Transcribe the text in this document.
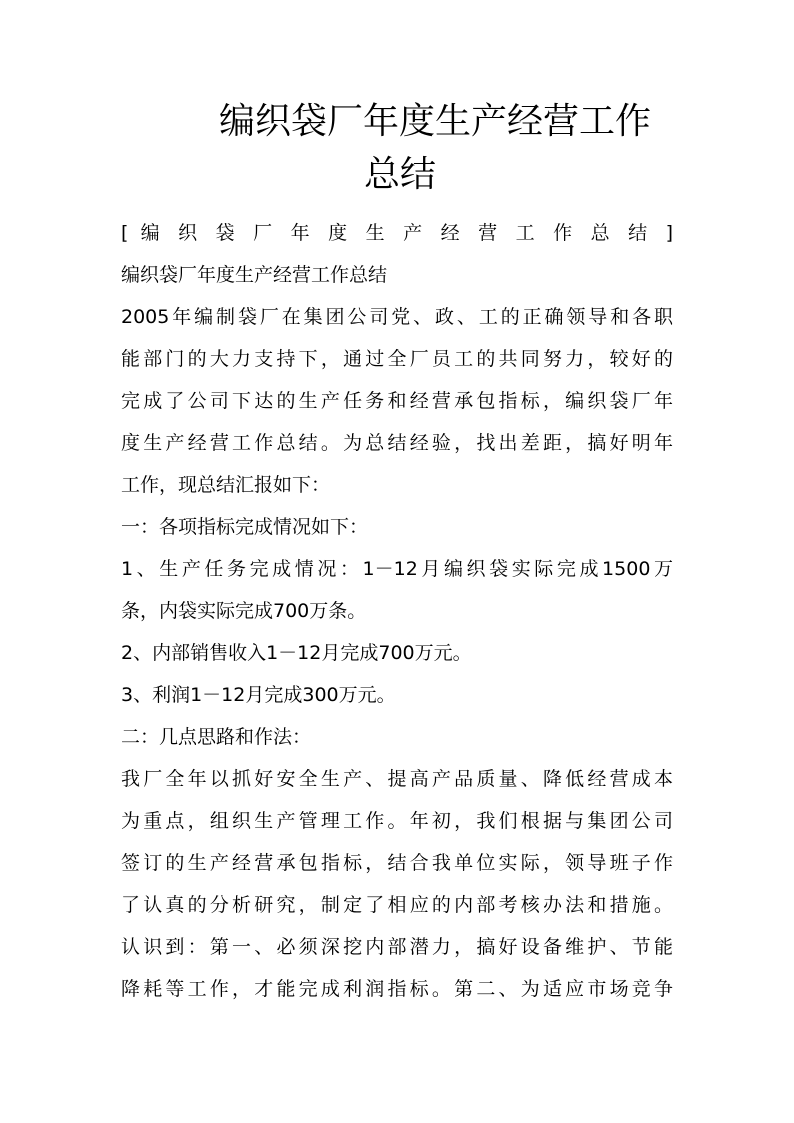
编织袋厂年度生产经营工作
总结
[ 编 织 袋 厂 年 度 生 产 经 营 工 作 总 结 ]
编织袋厂年度生产经营工作总结
2005年编制袋厂在集团公司党、政、工的正确领导和各职
能部门的大力支持下，通过全厂员工的共同努力，较好的
完成了公司下达的生产任务和经营承包指标，编织袋厂年
度生产经营工作总结。为总结经验，找出差距，搞好明年
工作，现总结汇报如下：
一：各项指标完成情况如下：
1、生产任务完成情况：1－12月编织袋实际完成1500万
条，内袋实际完成700万条。
2、内部销售收入1－12月完成700万元。
3、利润1－12月完成300万元。
二：几点思路和作法：
我厂全年以抓好安全生产、提高产品质量、降低经营成本
为重点，组织生产管理工作。年初，我们根据与集团公司
签订的生产经营承包指标，结合我单位实际，领导班子作
了认真的分析研究，制定了相应的内部考核办法和措施。
认识到：第一、必须深挖内部潜力，搞好设备维护、节能
降耗等工作，才能完成利润指标。第二、为适应市场竞争
